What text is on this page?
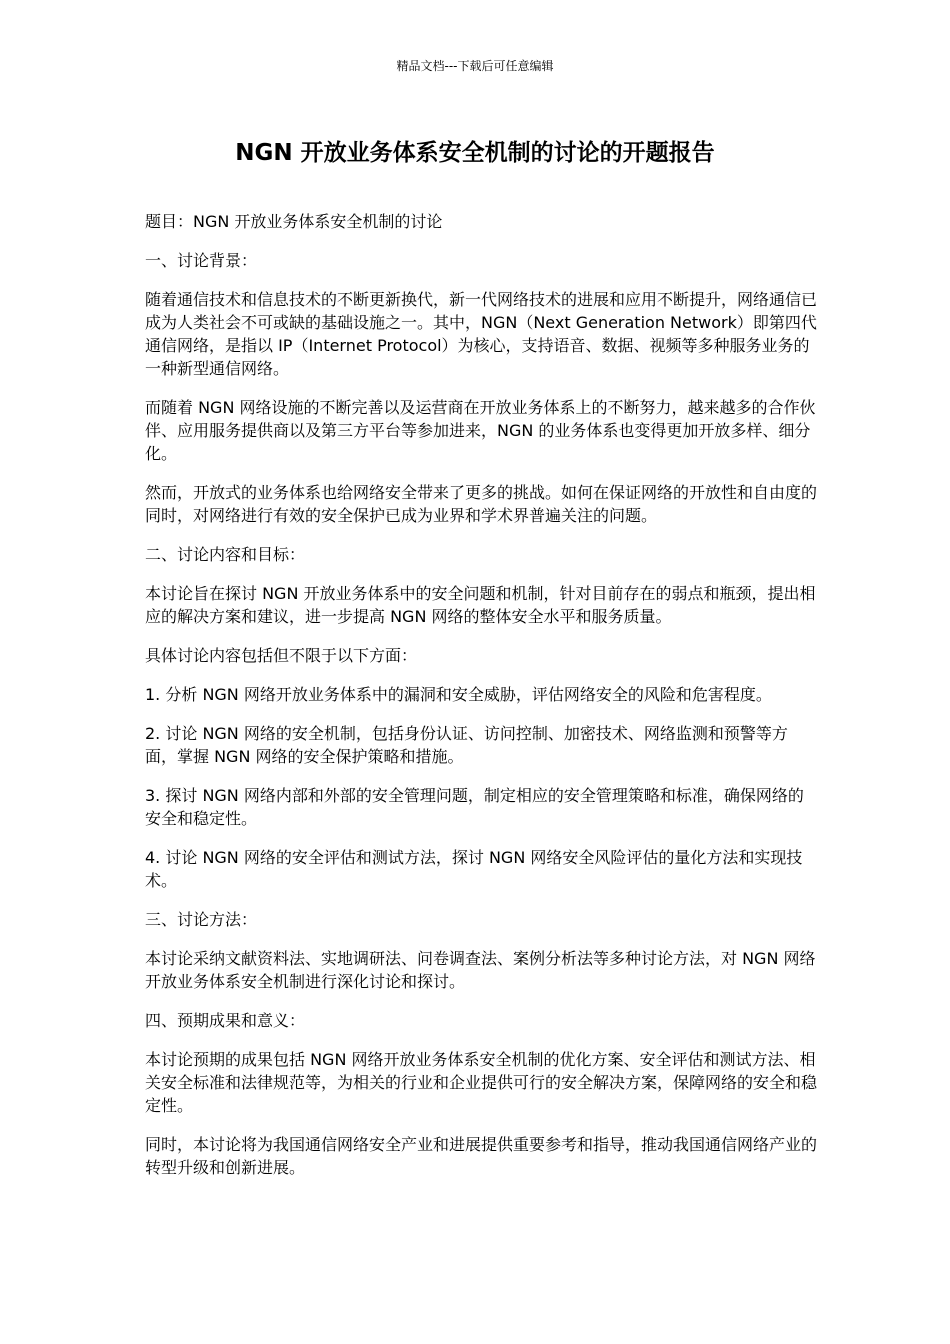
精品文档---下载后可任意编辑
NGN 开放业务体系安全机制的讨论的开题报告

题目：NGN 开放业务体系安全机制的讨论

一、讨论背景：

随着通信技术和信息技术的不断更新换代，新一代网络技术的进展和应用不断提升，网络通信已成为人类社会不可或缺的基础设施之一。其中，NGN（Next Generation Network）即第四代通信网络，是指以 IP（Internet Protocol）为核心，支持语音、数据、视频等多种服务业务的一种新型通信网络。

而随着 NGN 网络设施的不断完善以及运营商在开放业务体系上的不断努力，越来越多的合作伙伴、应用服务提供商以及第三方平台等参加进来，NGN 的业务体系也变得更加开放多样、细分化。

然而，开放式的业务体系也给网络安全带来了更多的挑战。如何在保证网络的开放性和自由度的同时，对网络进行有效的安全保护已成为业界和学术界普遍关注的问题。

二、讨论内容和目标：

本讨论旨在探讨 NGN 开放业务体系中的安全问题和机制，针对目前存在的弱点和瓶颈，提出相应的解决方案和建议，进一步提高 NGN 网络的整体安全水平和服务质量。

具体讨论内容包括但不限于以下方面：

1. 分析 NGN 网络开放业务体系中的漏洞和安全威胁，评估网络安全的风险和危害程度。

2. 讨论 NGN 网络的安全机制，包括身份认证、访问控制、加密技术、网络监测和预警等方面，掌握 NGN 网络的安全保护策略和措施。

3. 探讨 NGN 网络内部和外部的安全管理问题，制定相应的安全管理策略和标准，确保网络的安全和稳定性。

4. 讨论 NGN 网络的安全评估和测试方法，探讨 NGN 网络安全风险评估的量化方法和实现技术。

三、讨论方法：

本讨论采纳文献资料法、实地调研法、问卷调查法、案例分析法等多种讨论方法，对 NGN 网络开放业务体系安全机制进行深化讨论和探讨。

四、预期成果和意义：

本讨论预期的成果包括 NGN 网络开放业务体系安全机制的优化方案、安全评估和测试方法、相关安全标准和法律规范等，为相关的行业和企业提供可行的安全解决方案，保障网络的安全和稳定性。

同时，本讨论将为我国通信网络安全产业和进展提供重要参考和指导，推动我国通信网络产业的转型升级和创新进展。
